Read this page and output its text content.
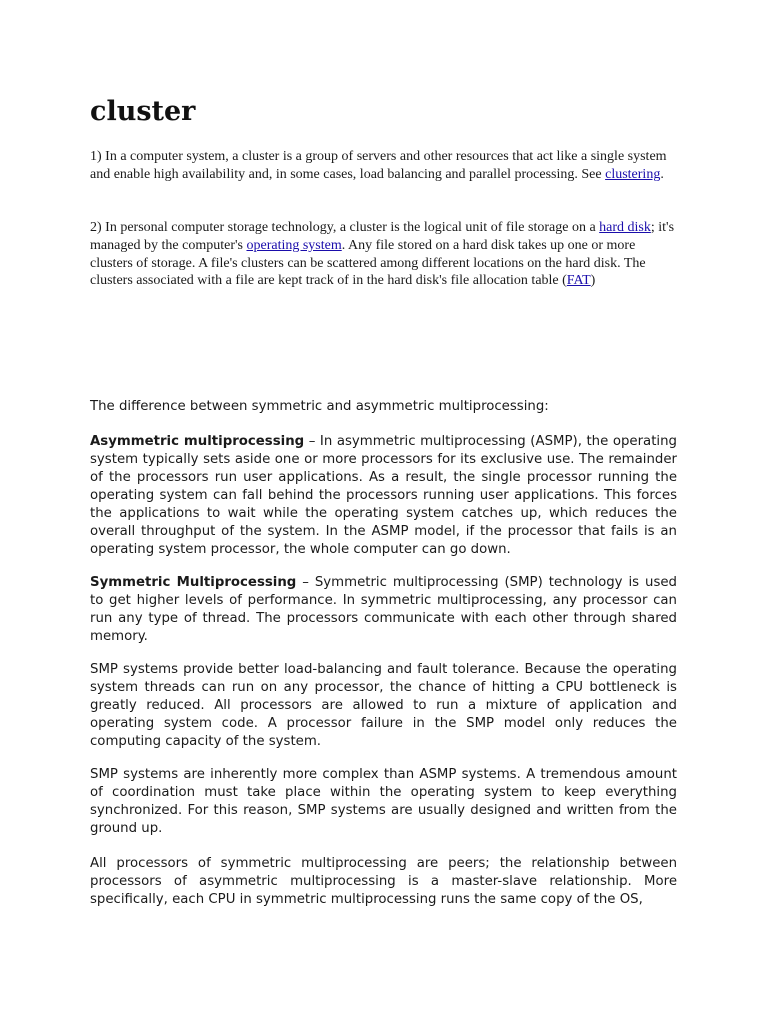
cluster

1) In a computer system, a cluster is a group of servers and other resources that act like a single system and enable high availability and, in some cases, load balancing and parallel processing. See clustering.

2) In personal computer storage technology, a cluster is the logical unit of file storage on a hard disk; it's managed by the computer's operating system. Any file stored on a hard disk takes up one or more clusters of storage. A file's clusters can be scattered among different locations on the hard disk. The clusters associated with a file are kept track of in the hard disk's file allocation table (FAT)

The difference between symmetric and asymmetric multiprocessing:

Asymmetric multiprocessing – In asymmetric multiprocessing (ASMP), the operating system typically sets aside one or more processors for its exclusive use. The remainder of the processors run user applications. As a result, the single processor running the operating system can fall behind the processors running user applications. This forces the applications to wait while the operating system catches up, which reduces the overall throughput of the system. In the ASMP model, if the processor that fails is an operating system processor, the whole computer can go down.

Symmetric Multiprocessing – Symmetric multiprocessing (SMP) technology is used to get higher levels of performance. In symmetric multiprocessing, any processor can run any type of thread. The processors communicate with each other through shared memory.

SMP systems provide better load-balancing and fault tolerance. Because the operating system threads can run on any processor, the chance of hitting a CPU bottleneck is greatly reduced. All processors are allowed to run a mixture of application and operating system code. A processor failure in the SMP model only reduces the computing capacity of the system.

SMP systems are inherently more complex than ASMP systems. A tremendous amount of coordination must take place within the operating system to keep everything synchronized. For this reason, SMP systems are usually designed and written from the ground up.

All processors of symmetric multiprocessing are peers; the relationship between processors of asymmetric multiprocessing is a master-slave relationship. More specifically, each CPU in symmetric multiprocessing runs the same copy of the OS,
